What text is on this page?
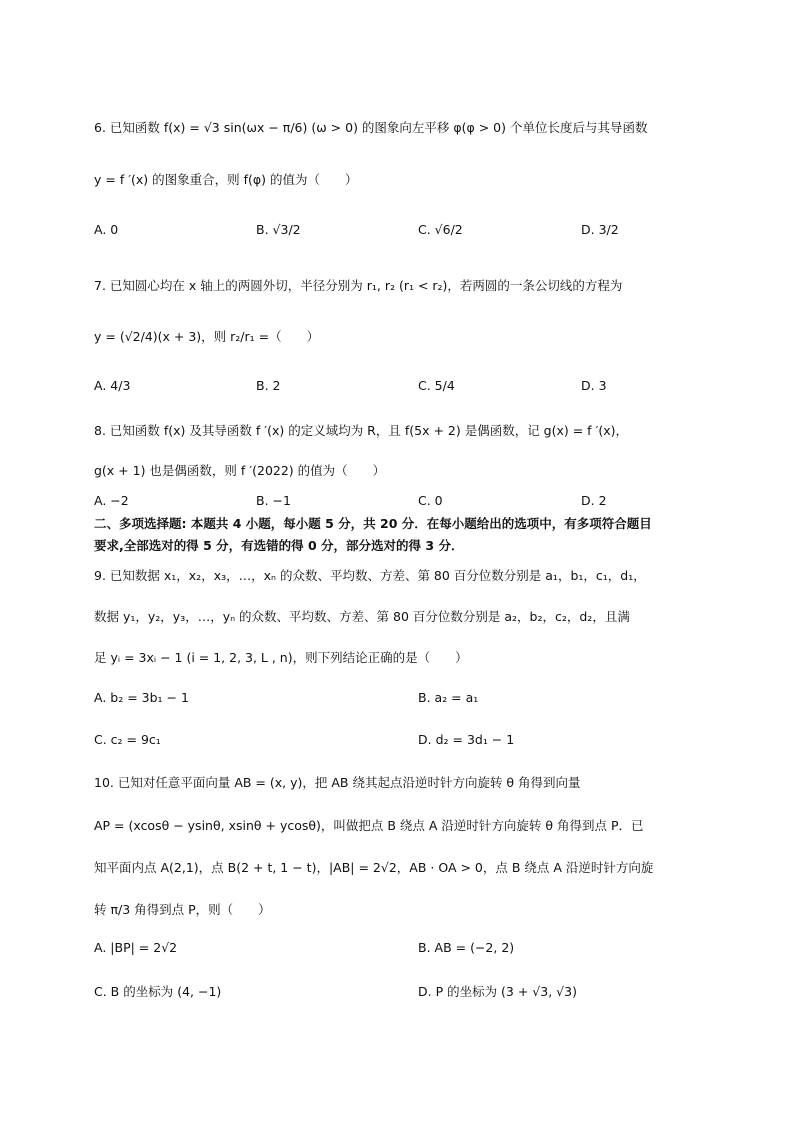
6. 已知函数 f(x) = √3 sin(ωx − π/6) (ω > 0) 的图象向左平移 φ(φ > 0) 个单位长度后与其导函数
y = f ′(x) 的图象重合，则 f(φ) 的值为（　　）
A. 0	B. √3/2	C. √6/2	D. 3/2
7. 已知圆心均在 x 轴上的两圆外切，半径分别为 r₁, r₂ (r₁ < r₂)，若两圆的一条公切线的方程为
y = (√2/4)(x + 3)，则 r₂/r₁ =（　　）
A. 4/3	B. 2	C. 5/4	D. 3
8. 已知函数 f(x) 及其导函数 f ′(x) 的定义域均为 R，且 f(5x + 2) 是偶函数，记 g(x) = f ′(x)，
g(x + 1) 也是偶函数，则 f ′(2022) 的值为（　　）
A. −2	B. −1	C. 0	D. 2
二、多项选择题: 本题共 4 小题，每小题 5 分，共 20 分．在每小题给出的选项中，有多项符合题目
要求,全部选对的得 5 分，有选错的得 0 分，部分选对的得 3 分．
9. 已知数据 x₁，x₂，x₃，…，xₙ 的众数、平均数、方差、第 80 百分位数分别是 a₁，b₁，c₁，d₁，
数据 y₁，y₂，y₃，…，yₙ 的众数、平均数、方差、第 80 百分位数分别是 a₂，b₂，c₂，d₂，且满
足 yᵢ = 3xᵢ − 1 (i = 1, 2, 3, L , n)，则下列结论正确的是（　　）
A. b₂ = 3b₁ − 1	B. a₂ = a₁
C. c₂ = 9c₁	D. d₂ = 3d₁ − 1
10. 已知对任意平面向量 AB = (x, y)，把 AB 绕其起点沿逆时针方向旋转 θ 角得到向量
AP = (xcosθ − ysinθ, xsinθ + ycosθ)，叫做把点 B 绕点 A 沿逆时针方向旋转 θ 角得到点 P．已
知平面内点 A(2,1)，点 B(2 + t, 1 − t)，|AB| = 2√2，AB · OA > 0，点 B 绕点 A 沿逆时针方向旋
转 π/3 角得到点 P，则（　　）
A. |BP| = 2√2	B. AB = (−2, 2)
C. B 的坐标为 (4, −1)	D. P 的坐标为 (3 + √3, √3)
